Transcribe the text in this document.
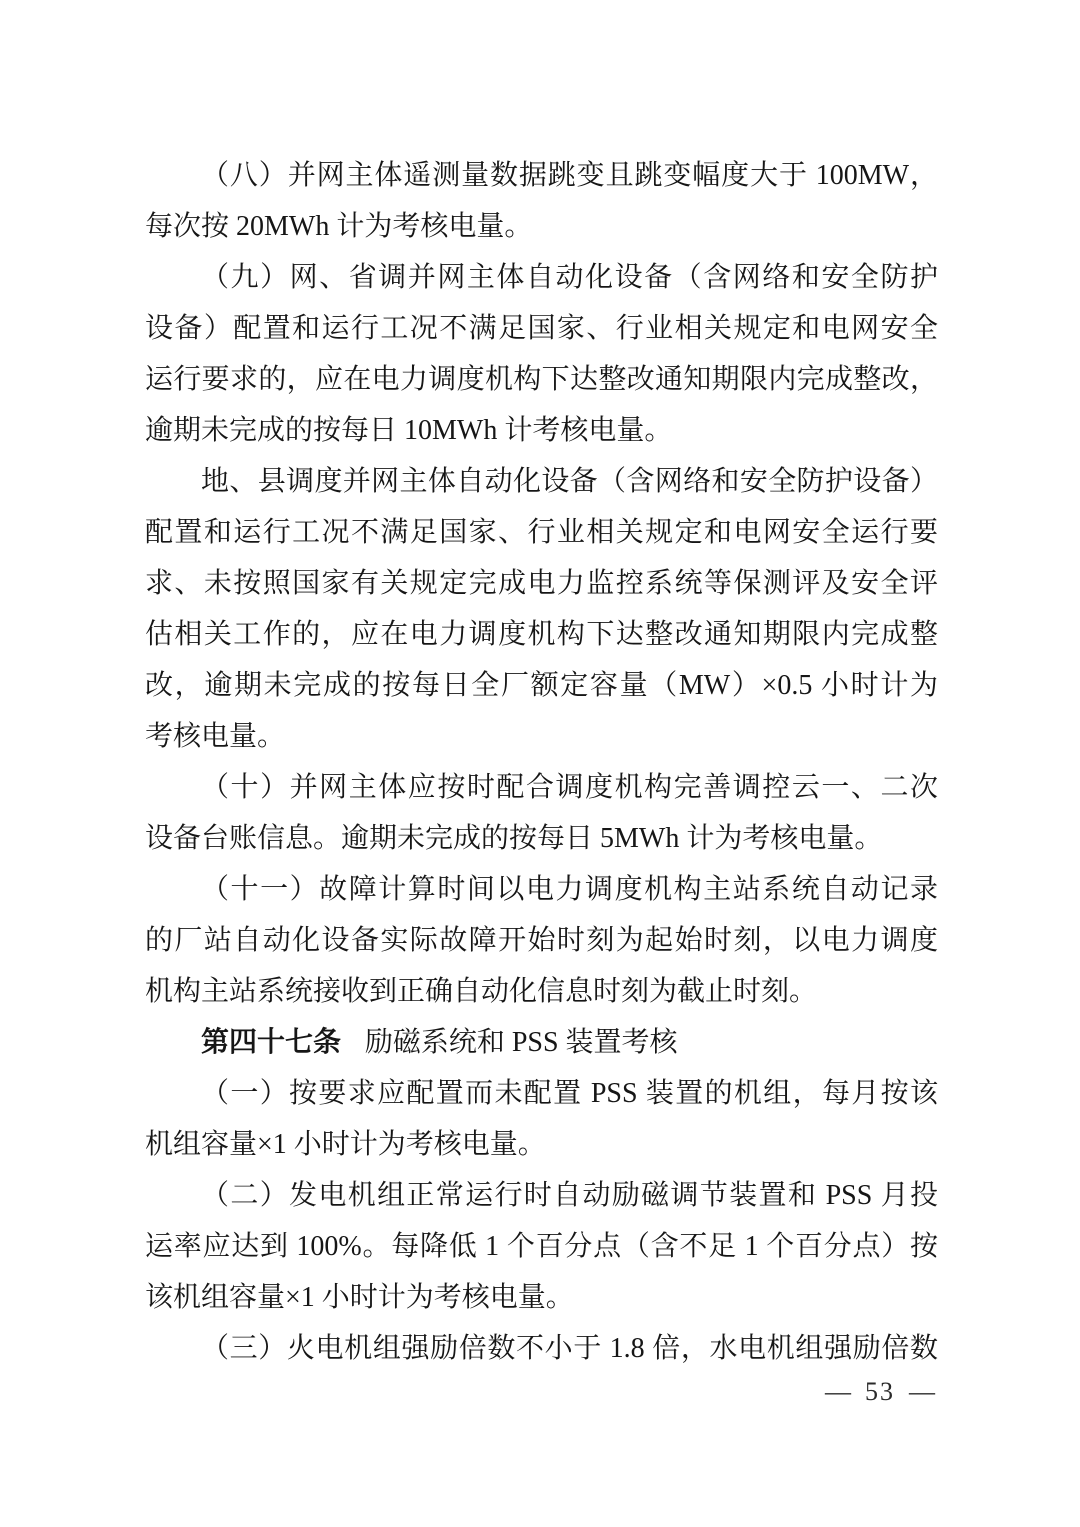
（八）并网主体遥测量数据跳变且跳变幅度大于 100MW，
每次按 20MWh 计为考核电量。
（九）网、省调并网主体自动化设备（含网络和安全防护
设备）配置和运行工况不满足国家、行业相关规定和电网安全
运行要求的，应在电力调度机构下达整改通知期限内完成整改，
逾期未完成的按每日 10MWh 计考核电量。
地、县调度并网主体自动化设备（含网络和安全防护设备）
配置和运行工况不满足国家、行业相关规定和电网安全运行要
求、未按照国家有关规定完成电力监控系统等保测评及安全评
估相关工作的，应在电力调度机构下达整改通知期限内完成整
改，逾期未完成的按每日全厂额定容量（MW）×0.5 小时计为
考核电量。
（十）并网主体应按时配合调度机构完善调控云一、二次
设备台账信息。逾期未完成的按每日 5MWh 计为考核电量。
（十一）故障计算时间以电力调度机构主站系统自动记录
的厂站自动化设备实际故障开始时刻为起始时刻，以电力调度
机构主站系统接收到正确自动化信息时刻为截止时刻。
第四十七条 励磁系统和 PSS 装置考核
（一）按要求应配置而未配置 PSS 装置的机组，每月按该
机组容量×1 小时计为考核电量。
（二）发电机组正常运行时自动励磁调节装置和 PSS 月投
运率应达到 100%。每降低 1 个百分点（含不足 1 个百分点）按
该机组容量×1 小时计为考核电量。
（三）火电机组强励倍数不小于 1.8 倍，水电机组强励倍数
— 53 —
